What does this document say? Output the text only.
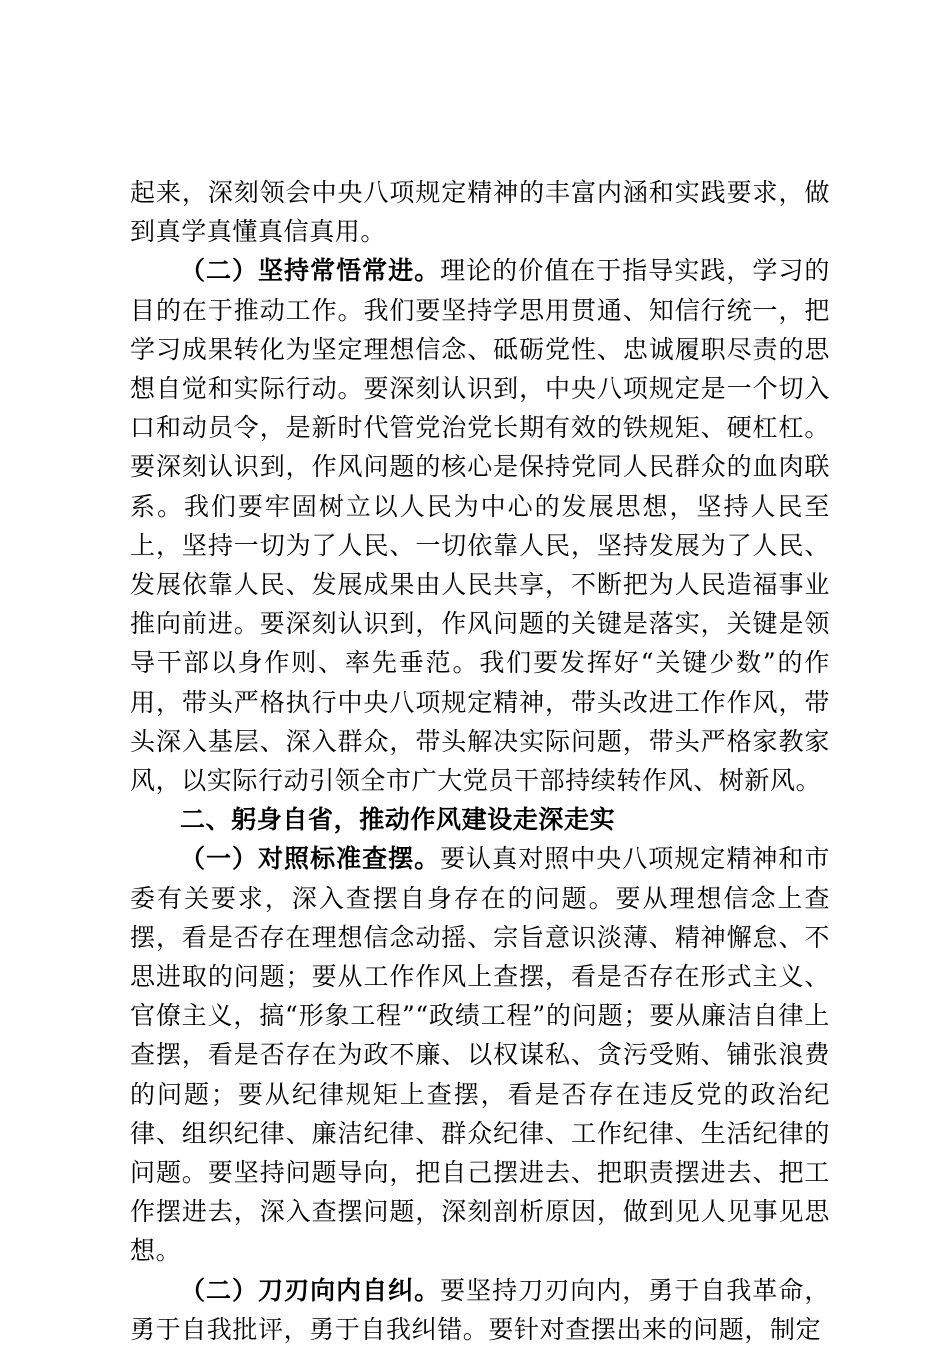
起来，深刻领会中央八项规定精神的丰富内涵和实践要求，做到真学真懂真信真用。

（二）坚持常悟常进。理论的价值在于指导实践，学习的目的在于推动工作。我们要坚持学思用贯通、知信行统一，把学习成果转化为坚定理想信念、砥砺党性、忠诚履职尽责的思想自觉和实际行动。要深刻认识到，中央八项规定是一个切入口和动员令，是新时代管党治党长期有效的铁规矩、硬杠杠。要深刻认识到，作风问题的核心是保持党同人民群众的血肉联系。我们要牢固树立以人民为中心的发展思想，坚持人民至上，坚持一切为了人民、一切依靠人民，坚持发展为了人民、发展依靠人民、发展成果由人民共享，不断把为人民造福事业推向前进。要深刻认识到，作风问题的关键是落实，关键是领导干部以身作则、率先垂范。我们要发挥好“关键少数”的作用，带头严格执行中央八项规定精神，带头改进工作作风，带头深入基层、深入群众，带头解决实际问题，带头严格家教家风，以实际行动引领全市广大党员干部持续转作风、树新风。

二、躬身自省，推动作风建设走深走实

（一）对照标准查摆。要认真对照中央八项规定精神和市委有关要求，深入查摆自身存在的问题。要从理想信念上查摆，看是否存在理想信念动摇、宗旨意识淡薄、精神懈怠、不思进取的问题；要从工作作风上查摆，看是否存在形式主义、官僚主义，搞“形象工程”“政绩工程”的问题；要从廉洁自律上查摆，看是否存在为政不廉、以权谋私、贪污受贿、铺张浪费的问题；要从纪律规矩上查摆，看是否存在违反党的政治纪律、组织纪律、廉洁纪律、群众纪律、工作纪律、生活纪律的问题。要坚持问题导向，把自己摆进去、把职责摆进去、把工作摆进去，深入查摆问题，深刻剖析原因，做到见人见事见思想。

（二）刀刃向内自纠。要坚持刀刃向内，勇于自我革命，勇于自我批评，勇于自我纠错。要针对查摆出来的问题，制定
